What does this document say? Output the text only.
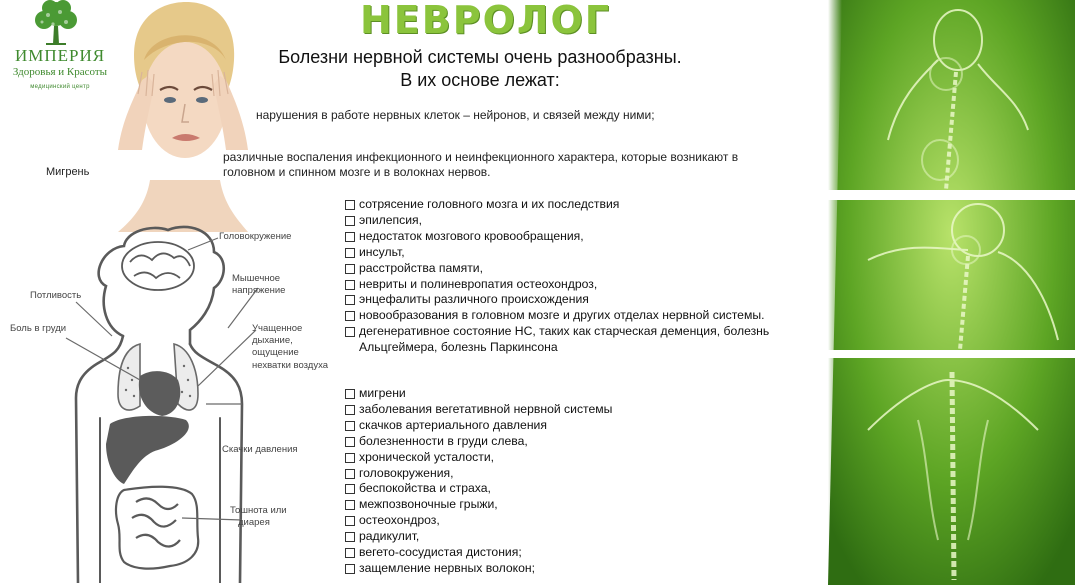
ИМПЕРИЯ
Здоровья и Красоты
медицинский центр
Мигрень
НЕВРОЛОГ
Болезни нервной системы очень разнообразны.
В их основе лежат:
нарушения в работе нервных клеток – нейронов, и связей между ними;
различные воспаления инфекционного и неинфекционного характера, которые возникают в головном и спинном мозге и в волокнах нервов.
сотрясение головного мозга и их последствия
эпилепсия,
недостаток мозгового кровообращения,
инсульт,
расстройства памяти,
невриты и полиневропатия остеохондроз,
энцефалиты различного происхождения
новообразования в головном мозге и других отделах нервной системы.
дегенеративное состояние НС, таких как старческая деменция, болезнь Альцгеймера, болезнь Паркинсона
мигрени
заболевания вегетативной нервной системы
скачков артериального давления
болезненности в груди слева,
хронической усталости,
головокружения,
беспокойства и страха,
межпозвоночные грыжи,
остеохондроз,
радикулит,
вегето-сосудистая дистония;
защемление нервных волокон;
Головокружение
Мышечное
напряжение
Потливость
Боль в груди	Учащенное
дыхание,
ощущение
нехватки воздуха
Скачки давления
Тошнота или
диарея
